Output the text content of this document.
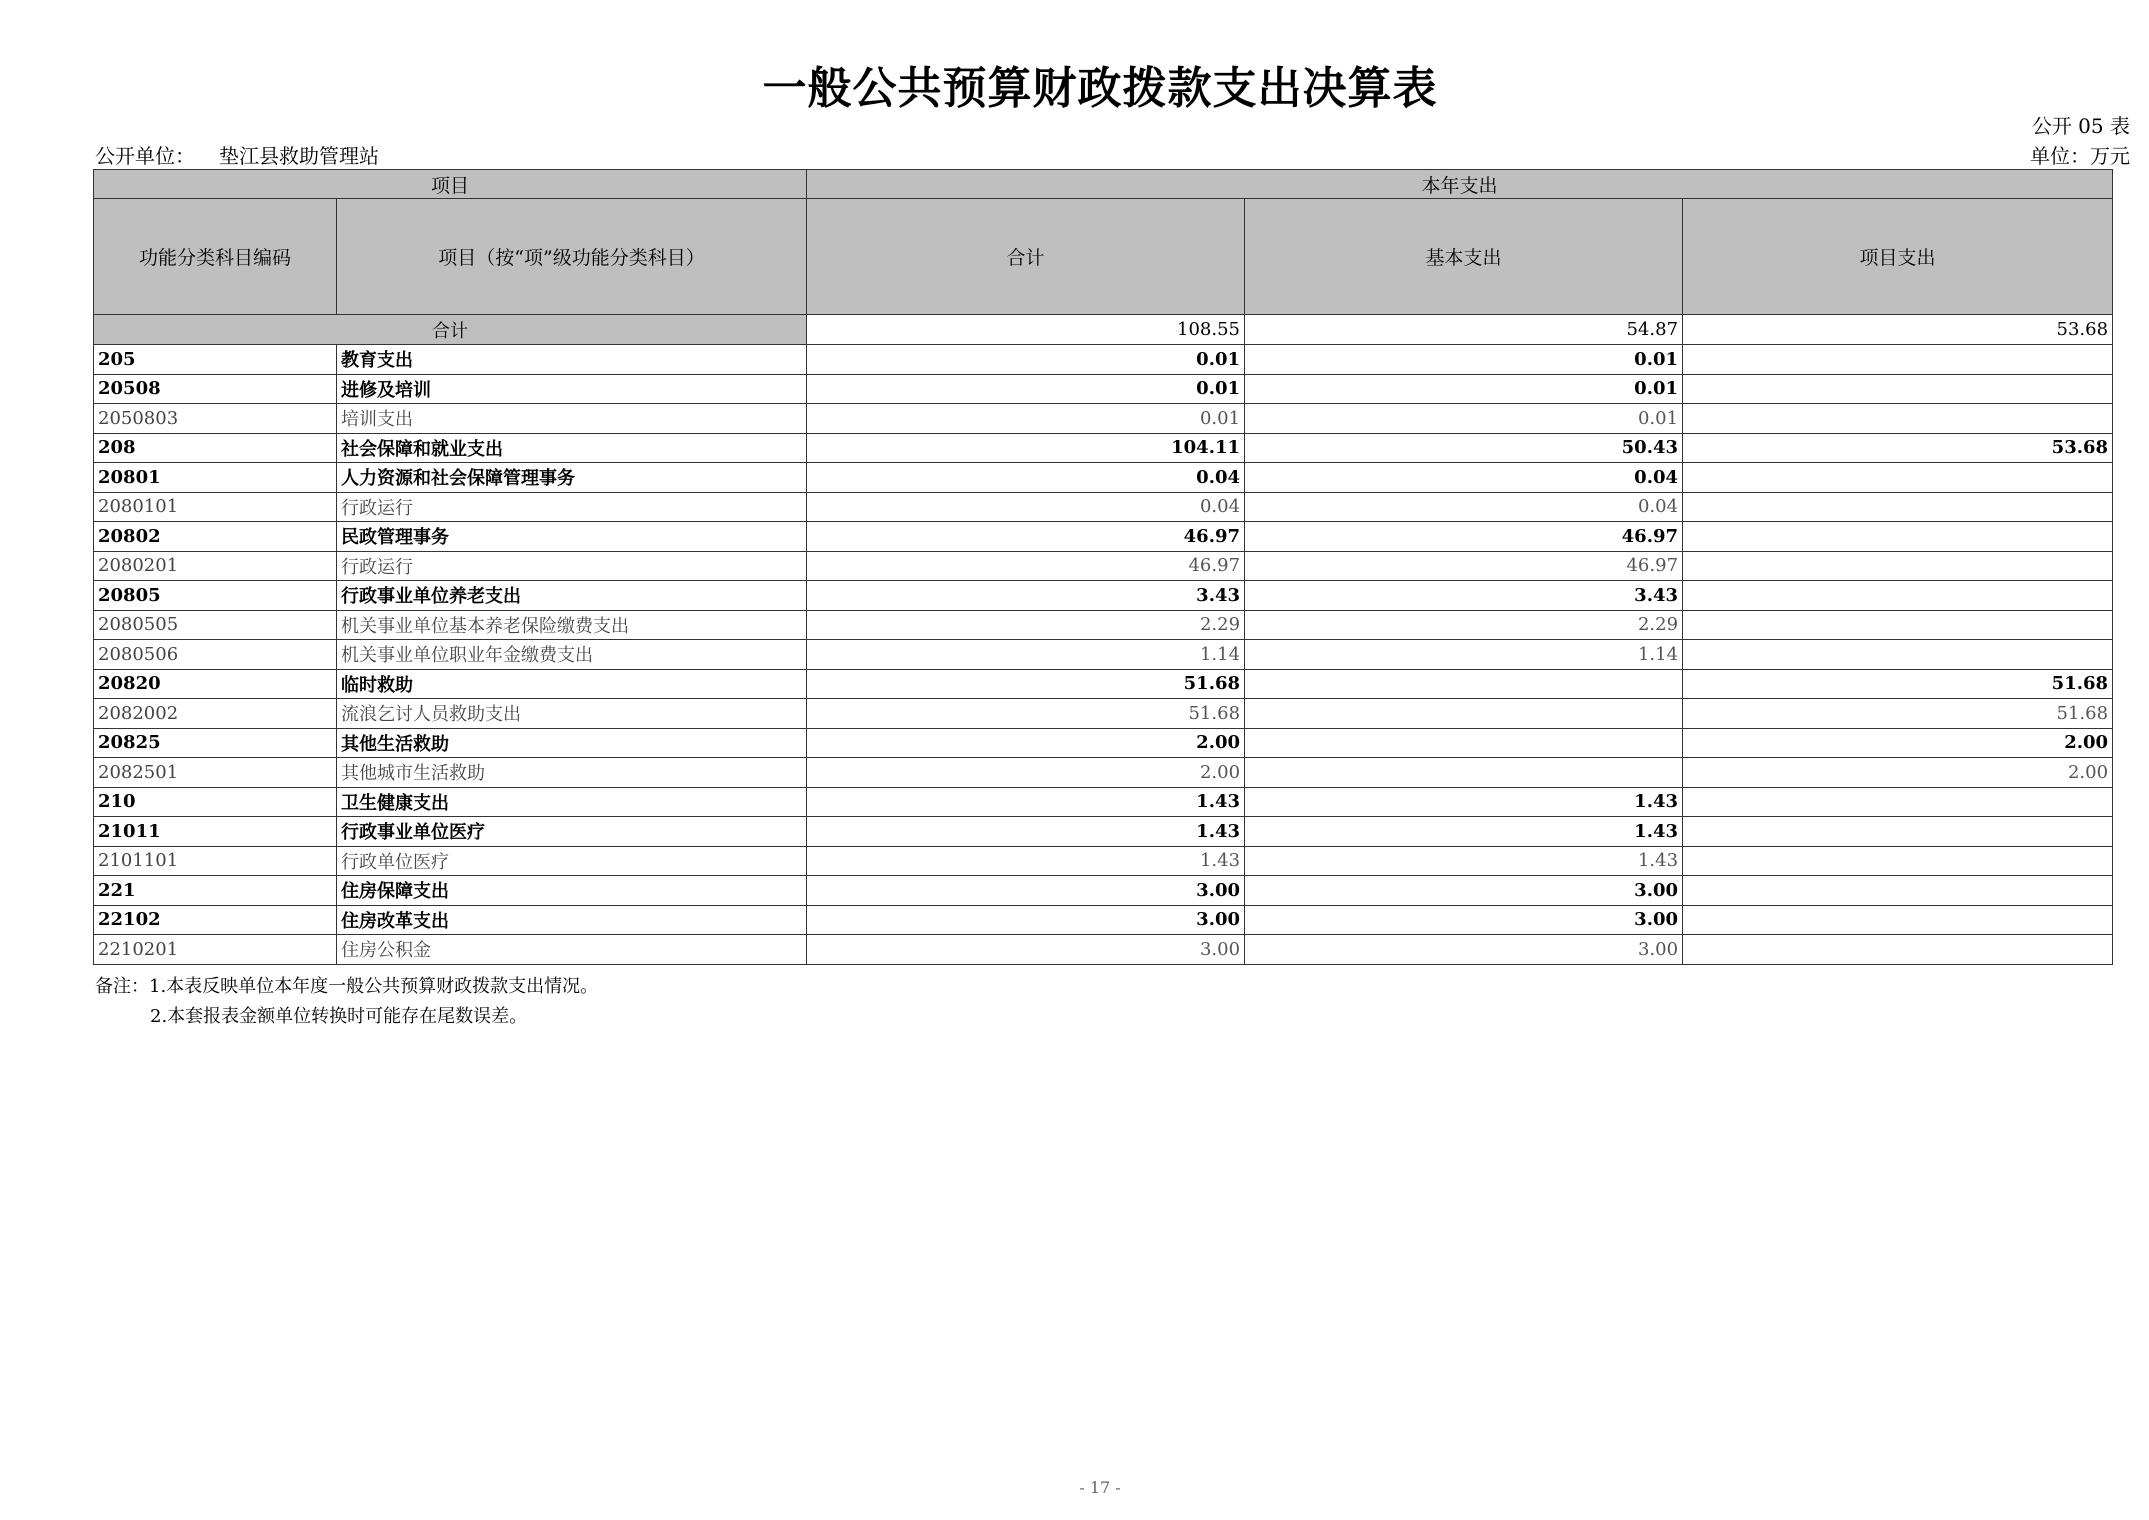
一般公共预算财政拨款支出决算表
公开 05 表
公开单位： 垫江县救助管理站	单位：万元
项目		本年支出		
功能分类科目编码	项目（按“项”级功能分类科目）	合计	基本支出	项目支出
合计		108.55	54.87	53.68
205	教育支出	0.01	0.01	
20508	进修及培训	0.01	0.01	
2050803	培训支出	0.01	0.01	
208	社会保障和就业支出	104.11	50.43	53.68
20801	人力资源和社会保障管理事务	0.04	0.04	
2080101	行政运行	0.04	0.04	
20802	民政管理事务	46.97	46.97	
2080201	行政运行	46.97	46.97	
20805	行政事业单位养老支出	3.43	3.43	
2080505	机关事业单位基本养老保险缴费支出	2.29	2.29	
2080506	机关事业单位职业年金缴费支出	1.14	1.14	
20820	临时救助	51.68		51.68
2082002	流浪乞讨人员救助支出	51.68		51.68
20825	其他生活救助	2.00		2.00
2082501	其他城市生活救助	2.00		2.00
210	卫生健康支出	1.43	1.43	
21011	行政事业单位医疗	1.43	1.43	
2101101	行政单位医疗	1.43	1.43	
221	住房保障支出	3.00	3.00	
22102	住房改革支出	3.00	3.00	
2210201	住房公积金	3.00	3.00	
备注：1.本表反映单位本年度一般公共预算财政拨款支出情况。
2.本套报表金额单位转换时可能存在尾数误差。
- 17 -
